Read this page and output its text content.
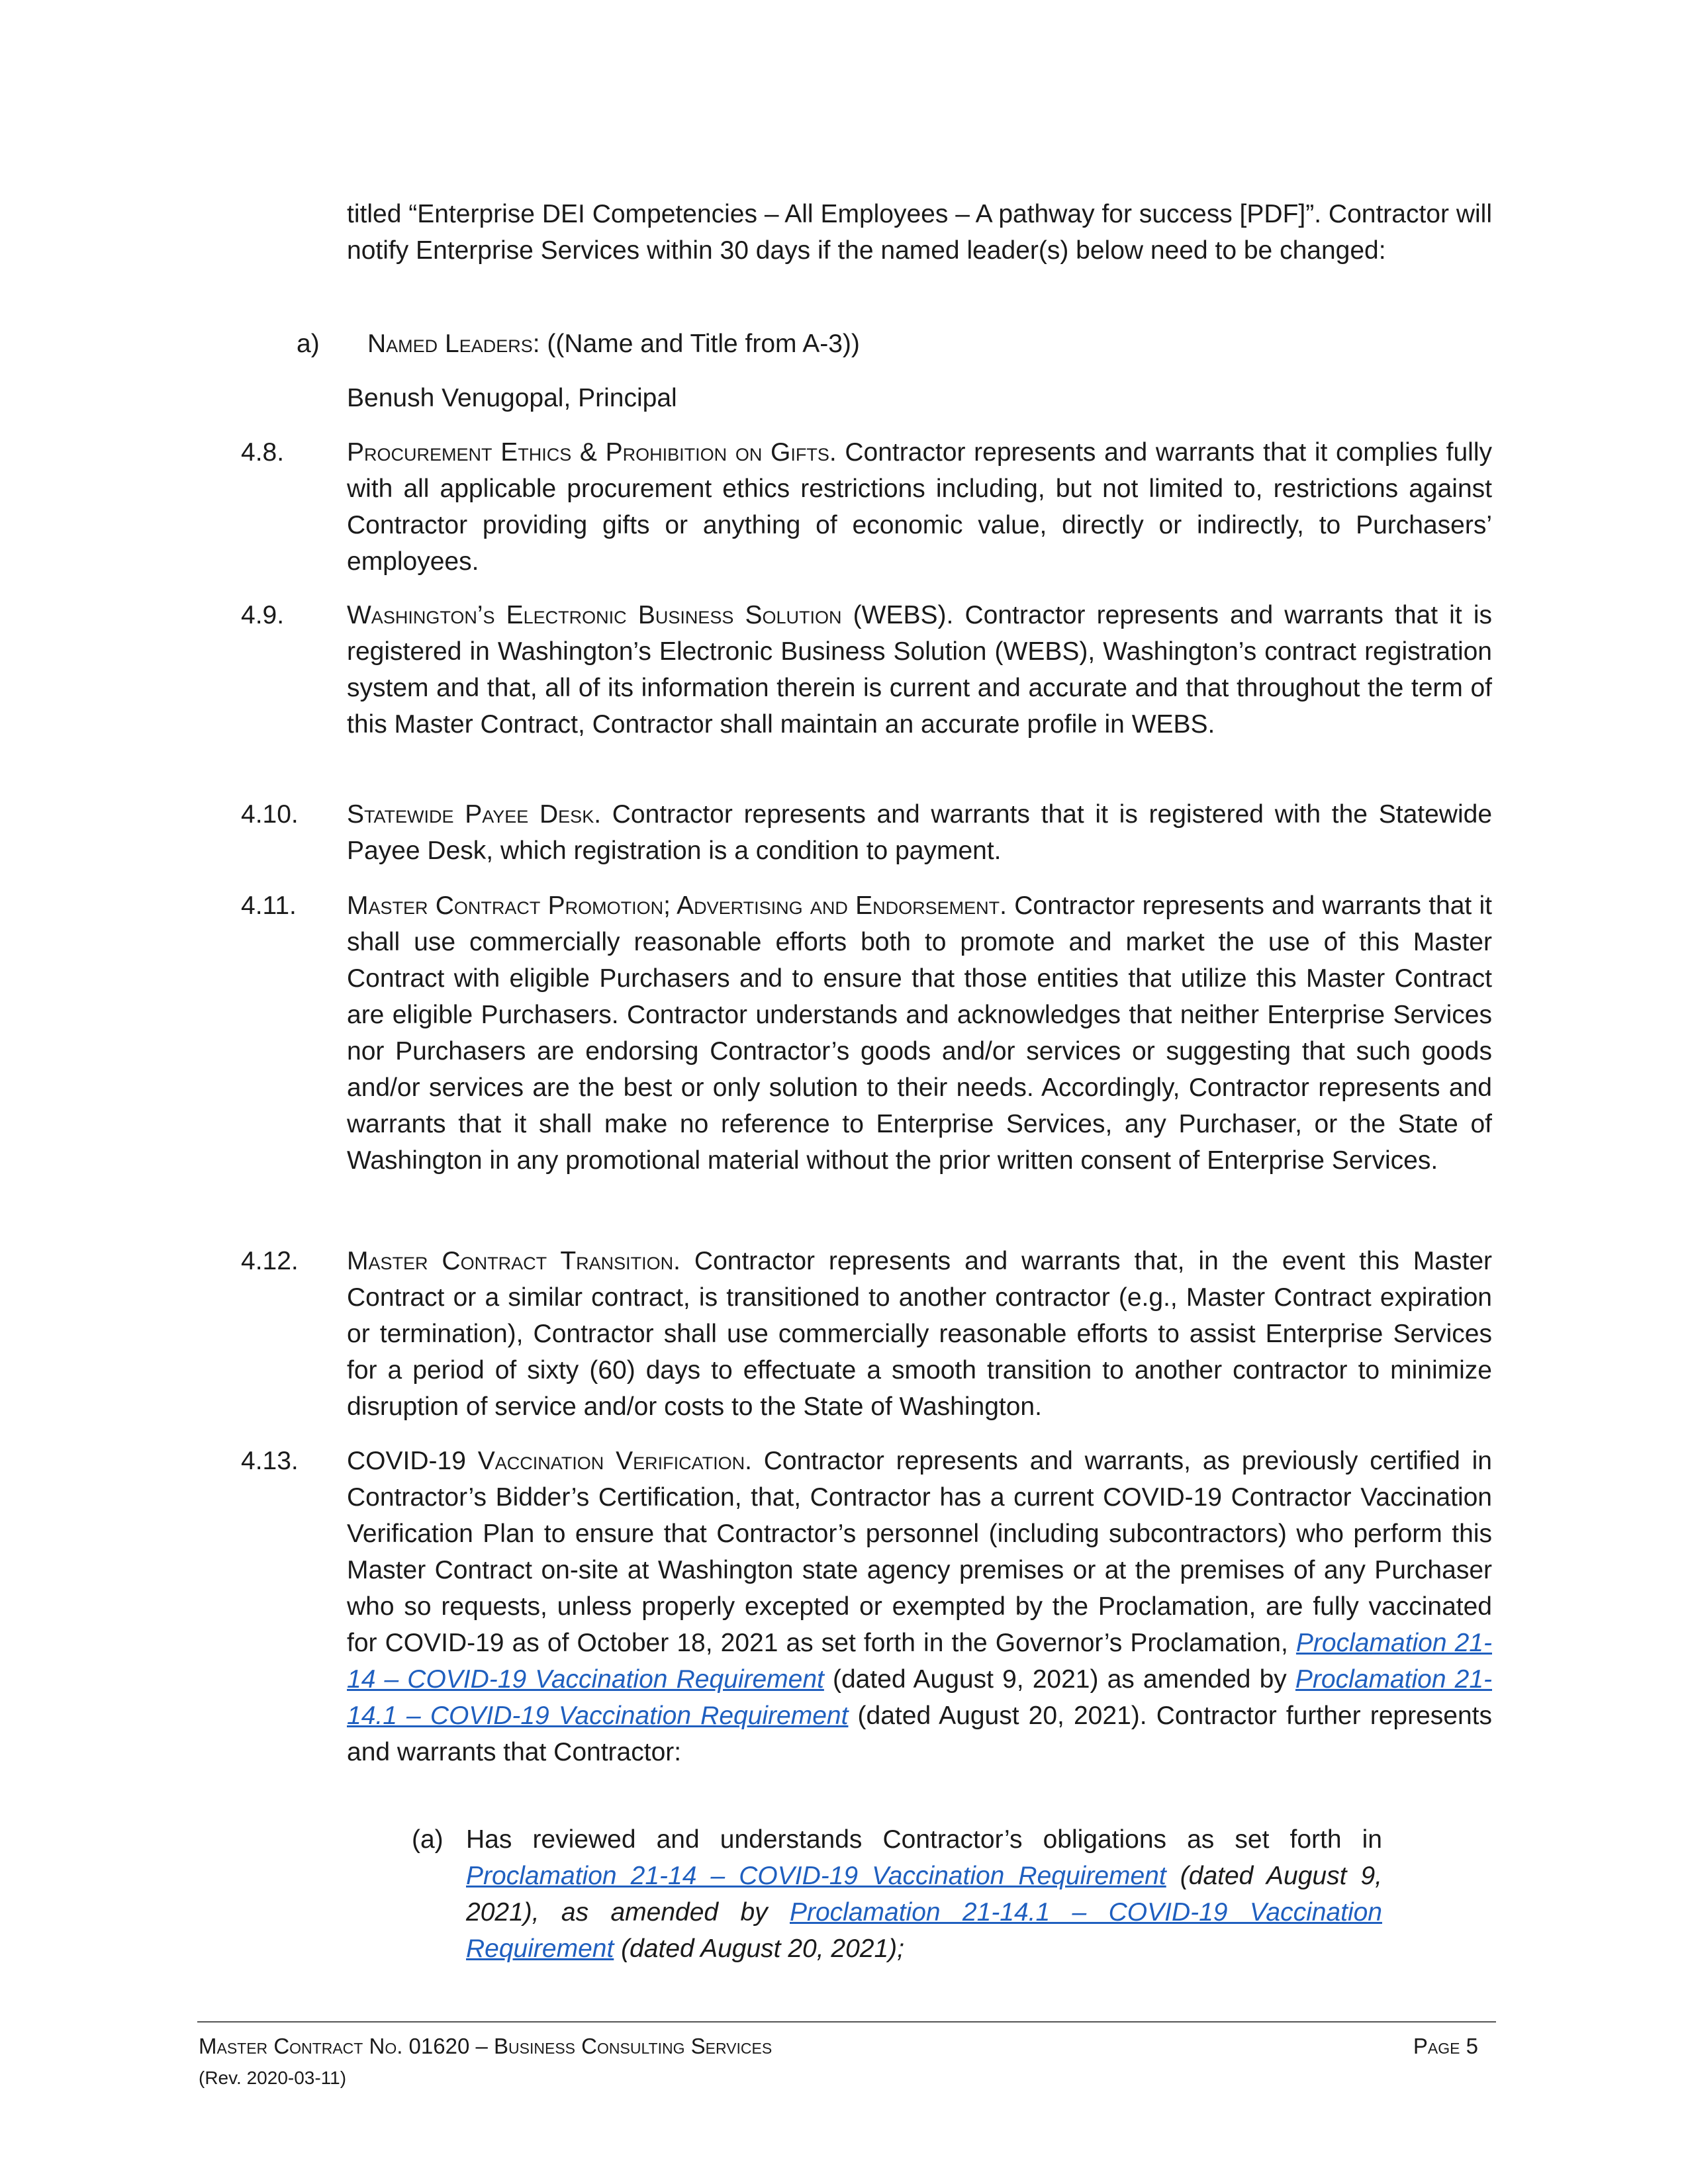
titled “Enterprise DEI Competencies – All Employees – A pathway for success [PDF]”. Contractor will notify Enterprise Services within 30 days if the named leader(s) below need to be changed:

a) Named Leaders: ((Name and Title from A-3))
Benush Venugopal, Principal
4.8. Procurement Ethics & Prohibition on Gifts. Contractor represents and warrants that it complies fully with all applicable procurement ethics restrictions including, but not limited to, restrictions against Contractor providing gifts or anything of economic value, directly or indirectly, to Purchasers’ employees.

4.9. Washington’s Electronic Business Solution (WEBS). Contractor represents and warrants that it is registered in Washington’s Electronic Business Solution (WEBS), Washington’s contract registration system and that, all of its information therein is current and accurate and that throughout the term of this Master Contract, Contractor shall maintain an accurate profile in WEBS.

4.10. Statewide Payee Desk. Contractor represents and warrants that it is registered with the Statewide Payee Desk, which registration is a condition to payment.

4.11. Master Contract Promotion; Advertising and Endorsement. Contractor represents and warrants that it shall use commercially reasonable efforts both to promote and market the use of this Master Contract with eligible Purchasers and to ensure that those entities that utilize this Master Contract are eligible Purchasers. Contractor understands and acknowledges that neither Enterprise Services nor Purchasers are endorsing Contractor’s goods and/or services or suggesting that such goods and/or services are the best or only solution to their needs. Accordingly, Contractor represents and warrants that it shall make no reference to Enterprise Services, any Purchaser, or the State of Washington in any promotional material without the prior written consent of Enterprise Services.

4.12. Master Contract Transition. Contractor represents and warrants that, in the event this Master Contract or a similar contract, is transitioned to another contractor (e.g., Master Contract expiration or termination), Contractor shall use commercially reasonable efforts to assist Enterprise Services for a period of sixty (60) days to effectuate a smooth transition to another contractor to minimize disruption of service and/or costs to the State of Washington.

4.13. COVID-19 Vaccination Verification. Contractor represents and warrants, as previously certified in Contractor’s Bidder’s Certification, that, Contractor has a current COVID-19 Contractor Vaccination Verification Plan to ensure that Contractor’s personnel (including subcontractors) who perform this Master Contract on-site at Washington state agency premises or at the premises of any Purchaser who so requests, unless properly excepted or exempted by the Proclamation, are fully vaccinated for COVID-19 as of October 18, 2021 as set forth in the Governor’s Proclamation, Proclamation 21-14 – COVID-19 Vaccination Requirement (dated August 9, 2021) as amended by Proclamation 21-14.1 – COVID-19 Vaccination Requirement (dated August 20, 2021). Contractor further represents and warrants that Contractor:

(a) Has reviewed and understands Contractor’s obligations as set forth in Proclamation 21-14 – COVID-19 Vaccination Requirement (dated August 9, 2021), as amended by Proclamation 21-14.1 – COVID-19 Vaccination Requirement (dated August 20, 2021);
Master Contract No. 01620 – Business Consulting Services
(Rev. 2020-03-11)
Page 5
